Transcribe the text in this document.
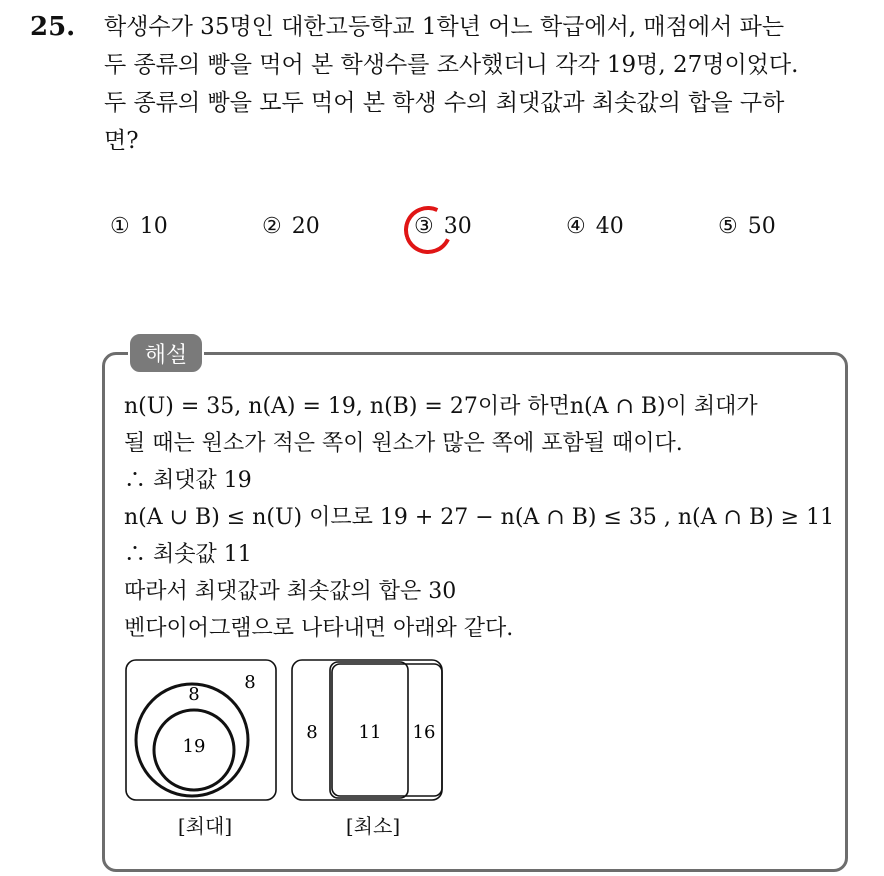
25. 학생수가 35명인 대한고등학교 1학년 어느 학급에서, 매점에서 파는
두 종류의 빵을 먹어 본 학생수를 조사했더니 각각 19명, 27명이었다.
두 종류의 빵을 모두 먹어 본 학생 수의 최댓값과 최솟값의 합을 구하
면?
① 10	② 20	③ 30	④ 40	⑤ 50
해설
n(U) = 35, n(A) = 19, n(B) = 27이라 하면n(A ∩ B)이 최대가
될 때는 원소가 적은 쪽이 원소가 많은 쪽에 포함될 때이다.
∴ 최댓값 19
n(A ∪ B) ≤ n(U) 이므로 19 + 27 − n(A ∩ B) ≤ 35 , n(A ∩ B) ≥ 11
∴ 최솟값 11
따라서 최댓값과 최솟값의 합은 30
벤다이어그램으로 나타내면 아래와 같다.
8
8
19
[최대]
8 11 16
[최소]
